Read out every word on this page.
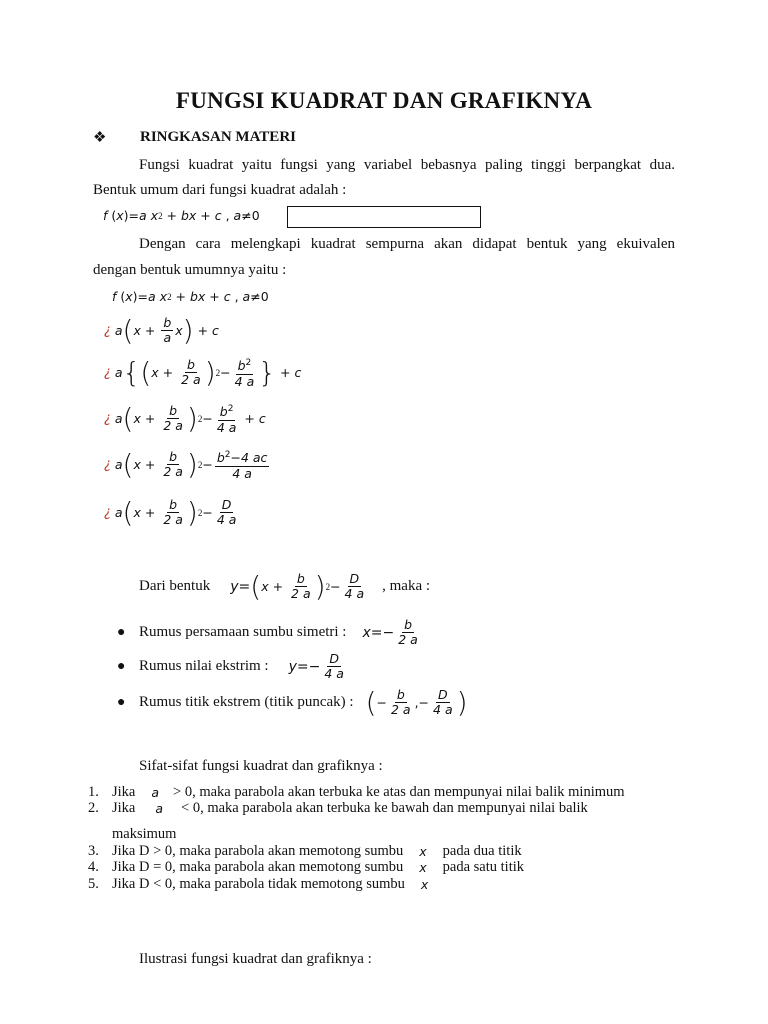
FUNGSI KUADRAT DAN GRAFIKNYA
❖ RINGKASAN MATERI
Fungsi kuadrat yaitu fungsi yang variabel bebasnya paling tinggi berpangkat dua.
Bentuk umum dari fungsi kuadrat adalah :
f ( x )= a x 2 + bx + c , a ≠0
Dengan cara melengkapi kuadrat sempurna akan didapat bentuk yang ekuivalen
dengan bentuk umumnya yaitu :
f ( x )= a x 2 + bx + c , a ≠0
¿ a ( $x + \frac{b}{a}$ x ) + c
¿ a {( $x + \frac{b}{2 a}$ ) $2 - \frac{b^2}{4 a}$ } + c
¿ a ( $x + \frac{b}{2 a}$ ) $2 - \frac{b^2}{4 a} + c$
¿ a ( $x + \frac{b}{2 a}$ ) $2 - \frac{b^2-4 ac}{4 a}$
¿ a ( $x + \frac{b}{2 a}$ ) $2 - \frac{D}{4 a}$
Dari bentuk y = ( $x + \frac{b}{2 a}$ ) $2 - \frac{D}{4 a}$ , maka :
● Rumus persamaan sumbu simetri : $x =- \frac{b}{2 a}$
● Rumus nilai ekstrim : $y =- \frac{D}{4 a}$
● Rumus titik ekstrem (titik puncak) : ( − $\frac{b}{2 a}$ ,− $\frac{D}{4 a}$ )
Sifat-sifat fungsi kuadrat dan grafiknya :
1. Jika a > 0, maka parabola akan terbuka ke atas dan mempunyai nilai balik minimum
2. Jika a < 0, maka parabola akan terbuka ke bawah dan mempunyai nilai balik
maksimum
3. Jika D > 0, maka parabola akan memotong sumbu x pada dua titik
4. Jika D = 0, maka parabola akan memotong sumbu x pada satu titik
5. Jika D < 0, maka parabola tidak memotong sumbu x
Ilustrasi fungsi kuadrat dan grafiknya :
